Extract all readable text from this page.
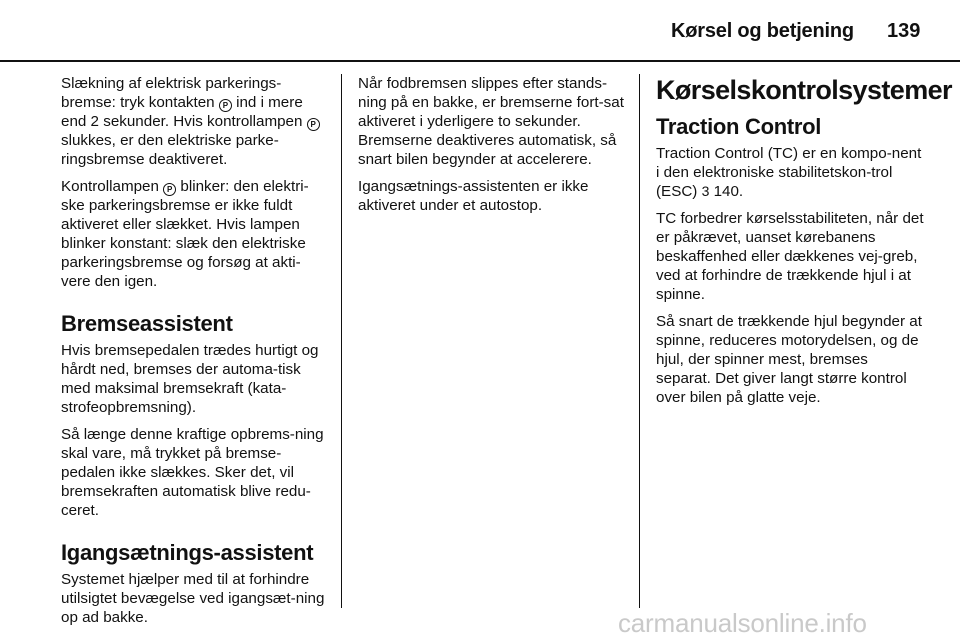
Kørsel og betjening 139

Slækning af elektrisk parkerings-bremse: tryk kontakten P ind i mere end 2 sekunder. Hvis kontrollampen P slukkes, er den elektriske parke-ringsbremse deaktiveret.

Kontrollampen P blinker: den elektri-ske parkeringsbremse er ikke fuldt aktiveret eller slækket. Hvis lampen blinker konstant: slæk den elektriske parkeringsbremse og forsøg at akti-vere den igen.

Bremseassistent

Hvis bremsepedalen trædes hurtigt og hårdt ned, bremses der automa-tisk med maksimal bremsekraft (kata-strofeopbremsning).

Så længe denne kraftige opbrems-ning skal vare, må trykket på bremse-pedalen ikke slækkes. Sker det, vil bremsekraften automatisk blive redu-ceret.

Igangsætnings-assistent

Systemet hjælper med til at forhindre utilsigtet bevægelse ved igangsæt-ning op ad bakke.

Når fodbremsen slippes efter stands-ning på en bakke, er bremserne fort-sat aktiveret i yderligere to sekunder. Bremserne deaktiveres automatisk, så snart bilen begynder at accelerere.

Igangsætnings-assistenten er ikke aktiveret under et autostop.

Kørselskontrolsystemer
Traction Control

Traction Control (TC) er en kompo-nent i den elektroniske stabilitetskon-trol (ESC) 3 140.

TC forbedrer kørselsstabiliteten, når det er påkrævet, uanset kørebanens beskaffenhed eller dækkenes vej-greb, ved at forhindre de trækkende hjul i at spinne.

Så snart de trækkende hjul begynder at spinne, reduceres motorydelsen, og de hjul, der spinner mest, bremses separat. Det giver langt større kontrol over bilen på glatte veje.

carmanualsonline.info
